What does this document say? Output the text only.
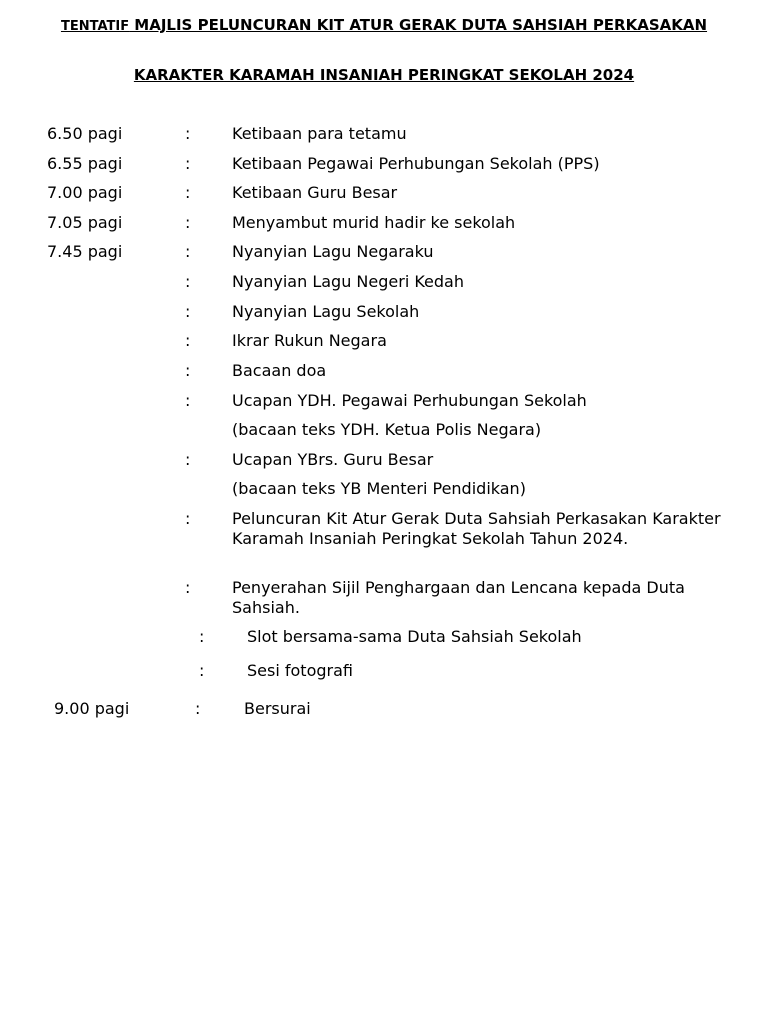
TENTATIF MAJLIS PELUNCURAN KIT ATUR GERAK DUTA SAHSIAH PERKASAKAN
KARAKTER KARAMAH INSANIAH PERINGKAT SEKOLAH 2024
6.50 pagi	:	Ketibaan para tetamu
6.55 pagi	:	Ketibaan Pegawai Perhubungan Sekolah (PPS)
7.00 pagi	:	Ketibaan Guru Besar
7.05 pagi	:	Menyambut murid hadir ke sekolah
7.45 pagi	:	Nyanyian Lagu Negaraku
:	Nyanyian Lagu Negeri Kedah
:	Nyanyian Lagu Sekolah
:	Ikrar Rukun Negara
:	Bacaan doa
:	Ucapan YDH. Pegawai Perhubungan Sekolah
(bacaan teks YDH. Ketua Polis Negara)
:	Ucapan YBrs. Guru Besar
(bacaan teks YB Menteri Pendidikan)
:	Peluncuran Kit Atur Gerak Duta Sahsiah Perkasakan Karakter Karamah Insaniah Peringkat Sekolah Tahun 2024.
:	Penyerahan Sijil Penghargaan dan Lencana kepada Duta Sahsiah.
:	Slot bersama-sama Duta Sahsiah Sekolah
:	Sesi fotografi
9.00 pagi	:	Bersurai
